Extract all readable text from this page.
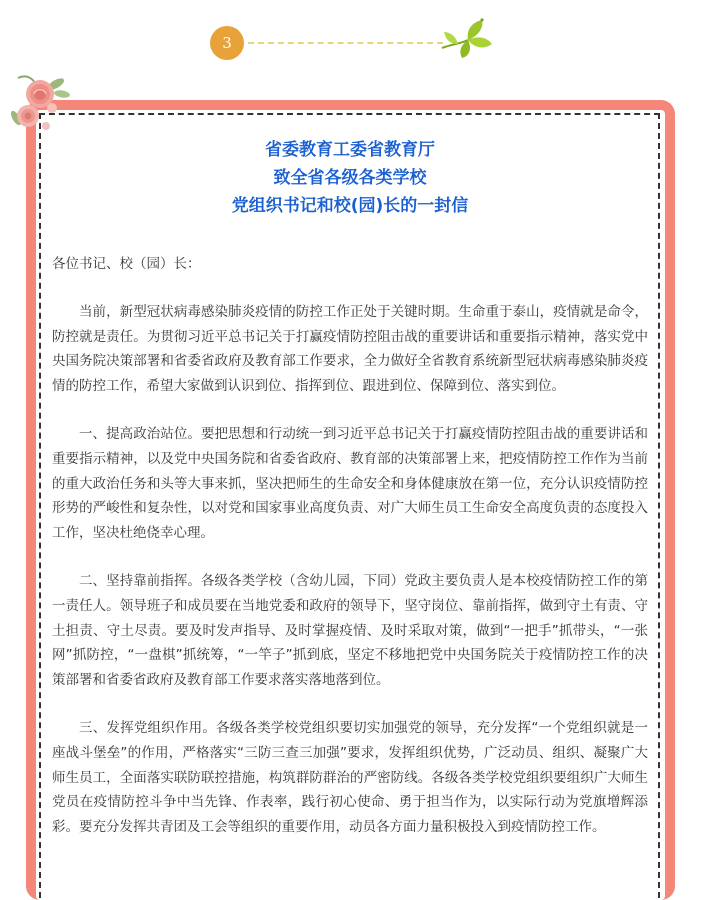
3
省委教育工委省教育厅
致全省各级各类学校
党组织书记和校(园)长的一封信

各位书记、校（园）长：

当前，新型冠状病毒感染肺炎疫情的防控工作正处于关键时期。生命重于泰山，疫情就是命令，防控就是责任。为贯彻习近平总书记关于打赢疫情防控阻击战的重要讲话和重要指示精神，落实党中央国务院决策部署和省委省政府及教育部工作要求，全力做好全省教育系统新型冠状病毒感染肺炎疫情的防控工作，希望大家做到认识到位、指挥到位、跟进到位、保障到位、落实到位。

一、提高政治站位。要把思想和行动统一到习近平总书记关于打赢疫情防控阻击战的重要讲话和重要指示精神，以及党中央国务院和省委省政府、教育部的决策部署上来，把疫情防控工作作为当前的重大政治任务和头等大事来抓，坚决把师生的生命安全和身体健康放在第一位，充分认识疫情防控形势的严峻性和复杂性，以对党和国家事业高度负责、对广大师生员工生命安全高度负责的态度投入工作，坚决杜绝侥幸心理。

二、坚持靠前指挥。各级各类学校（含幼儿园，下同）党政主要负责人是本校疫情防控工作的第一责任人。领导班子和成员要在当地党委和政府的领导下，坚守岗位、靠前指挥，做到守土有责、守土担责、守土尽责。要及时发声指导、及时掌握疫情、及时采取对策，做到“一把手”抓带头，“一张网”抓防控，“一盘棋”抓统筹，“一竿子”抓到底，坚定不移地把党中央国务院关于疫情防控工作的决策部署和省委省政府及教育部工作要求落实落地落到位。

三、发挥党组织作用。各级各类学校党组织要切实加强党的领导，充分发挥“一个党组织就是一座战斗堡垒”的作用，严格落实“三防三查三加强”要求，发挥组织优势，广泛动员、组织、凝聚广大师生员工，全面落实联防联控措施，构筑群防群治的严密防线。各级各类学校党组织要组织广大师生党员在疫情防控斗争中当先锋、作表率，践行初心使命、勇于担当作为，以实际行动为党旗增辉添彩。要充分发挥共青团及工会等组织的重要作用，动员各方面力量积极投入到疫情防控工作。
